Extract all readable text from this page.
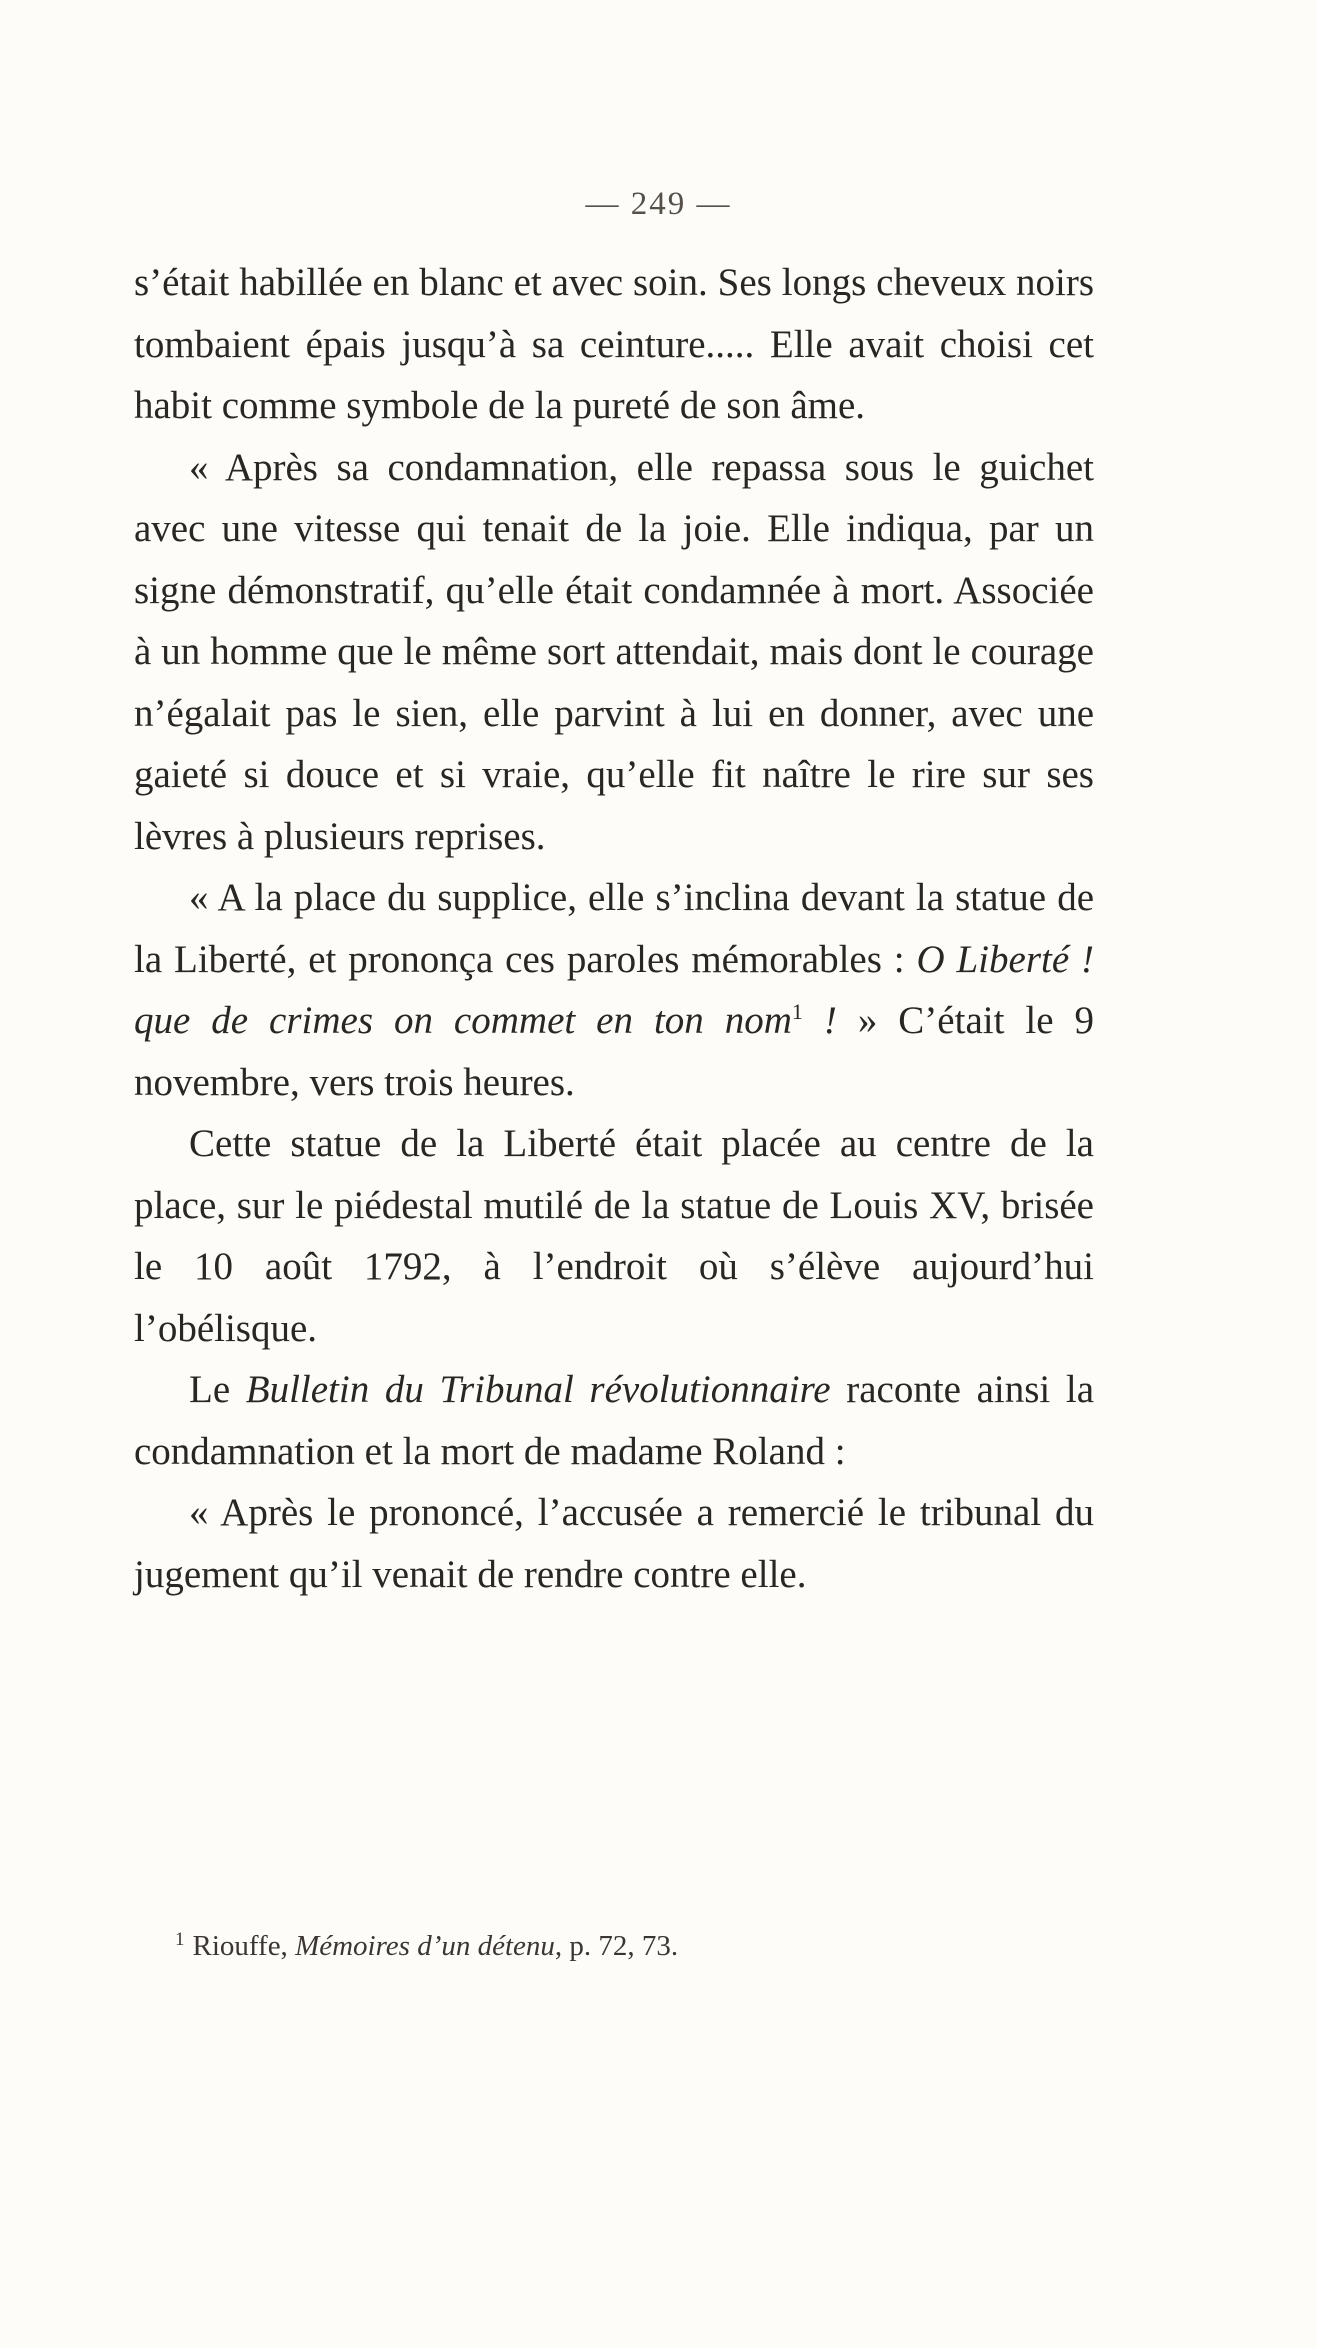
— 249 —

s’était habillée en blanc et avec soin. Ses longs cheveux noirs tombaient épais jusqu’à sa ceinture..... Elle avait choisi cet habit comme symbole de la pureté de son âme.

« Après sa condamnation, elle repassa sous le guichet avec une vitesse qui tenait de la joie. Elle indiqua, par un signe démonstratif, qu’elle était condamnée à mort. Associée à un homme que le même sort attendait, mais dont le courage n’égalait pas le sien, elle parvint à lui en donner, avec une gaieté si douce et si vraie, qu’elle fit naître le rire sur ses lèvres à plusieurs reprises.

« A la place du supplice, elle s’inclina devant la statue de la Liberté, et prononça ces paroles mémorables : O Liberté ! que de crimes on commet en ton nom$^1$ ! » C’était le 9 novembre, vers trois heures.

Cette statue de la Liberté était placée au centre de la place, sur le piédestal mutilé de la statue de Louis XV, brisée le 10 août 1792, à l’endroit où s’élève aujourd’hui l’obélisque.

Le Bulletin du Tribunal révolutionnaire raconte ainsi la condamnation et la mort de madame Roland :

« Après le prononcé, l’accusée a remercié le tribunal du jugement qu’il venait de rendre contre elle.

$^1$ Riouffe, Mémoires d’un détenu, p. 72, 73.
